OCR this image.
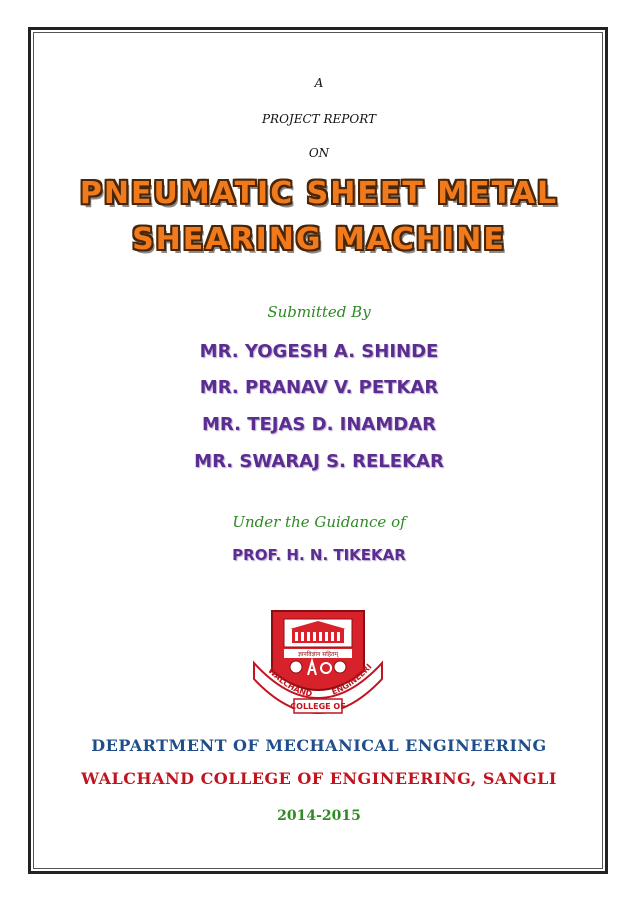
A
PROJECT REPORT
ON
PNEUMATIC SHEET METAL
SHEARING MACHINE
Submitted By
MR. YOGESH A. SHINDE
MR. PRANAV V. PETKAR
MR. TEJAS D. INAMDAR
MR. SWARAJ S. RELEKAR
Under the Guidance of
PROF. H. N. TIKEKAR
ज्ञानविज्ञान सहितम्
WALCHAND	ENGINEERI
COLLEGE OF
DEPARTMENT OF MECHANICAL ENGINEERING
WALCHAND COLLEGE OF ENGINEERING, SANGLI
2014-2015
